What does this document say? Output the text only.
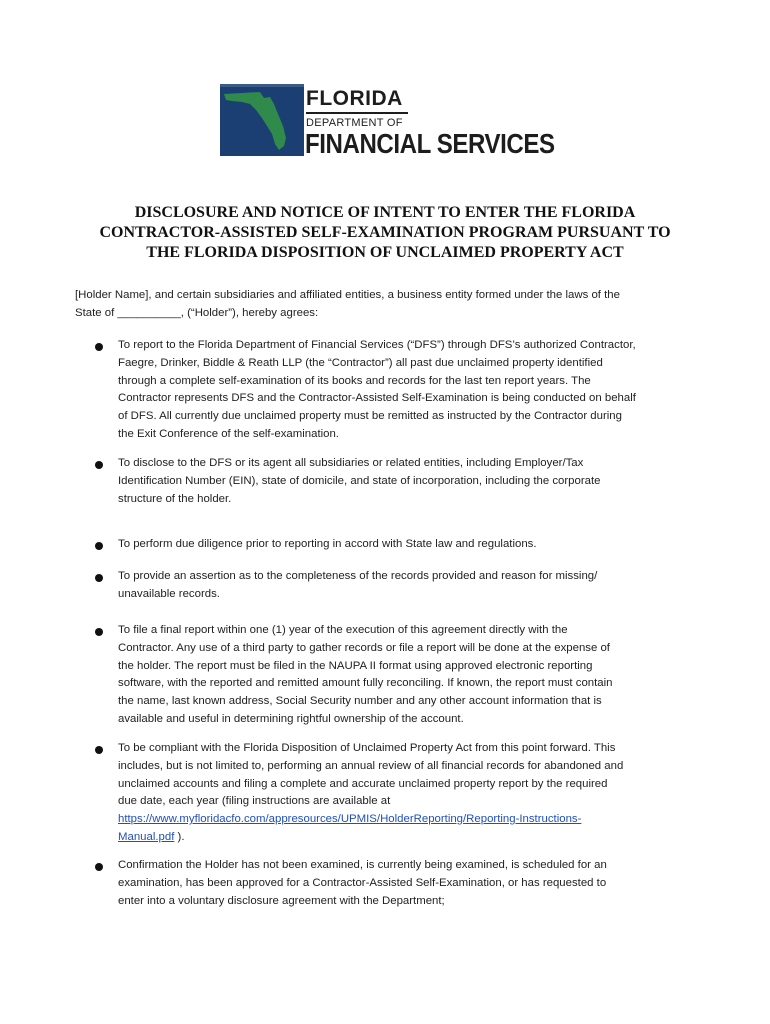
FLORIDA
DEPARTMENT OF
FINANCIAL SERVICES
DISCLOSURE AND NOTICE OF INTENT TO ENTER THE FLORIDA
CONTRACTOR-ASSISTED SELF-EXAMINATION PROGRAM PURSUANT TO
THE FLORIDA DISPOSITION OF UNCLAIMED PROPERTY ACT
[Holder Name], and certain subsidiaries and affiliated entities, a business entity formed under the laws of the
State of __________, (“Holder”), hereby agrees:
To report to the Florida Department of Financial Services (“DFS”) through DFS’s authorized Contractor,
Faegre, Drinker, Biddle & Reath LLP (the “Contractor”) all past due unclaimed property identified
through a complete self-examination of its books and records for the last ten report years. The
Contractor represents DFS and the Contractor-Assisted Self-Examination is being conducted on behalf
of DFS. All currently due unclaimed property must be remitted as instructed by the Contractor during
the Exit Conference of the self-examination.
To disclose to the DFS or its agent all subsidiaries or related entities, including Employer/Tax
Identification Number (EIN), state of domicile, and state of incorporation, including the corporate
structure of the holder.
To perform due diligence prior to reporting in accord with State law and regulations.
To provide an assertion as to the completeness of the records provided and reason for missing/
unavailable records.
To file a final report within one (1) year of the execution of this agreement directly with the
Contractor. Any use of a third party to gather records or file a report will be done at the expense of
the holder. The report must be filed in the NAUPA II format using approved electronic reporting
software, with the reported and remitted amount fully reconciling. If known, the report must contain
the name, last known address, Social Security number and any other account information that is
available and useful in determining rightful ownership of the account.
To be compliant with the Florida Disposition of Unclaimed Property Act from this point forward. This
includes, but is not limited to, performing an annual review of all financial records for abandoned and
unclaimed accounts and filing a complete and accurate unclaimed property report by the required
due date, each year (filing instructions are available at
https://www.myfloridacfo.com/appresources/UPMIS/HolderReporting/Reporting-Instructions-
Manual.pdf ).
Confirmation the Holder has not been examined, is currently being examined, is scheduled for an
examination, has been approved for a Contractor-Assisted Self-Examination, or has requested to
enter into a voluntary disclosure agreement with the Department;
